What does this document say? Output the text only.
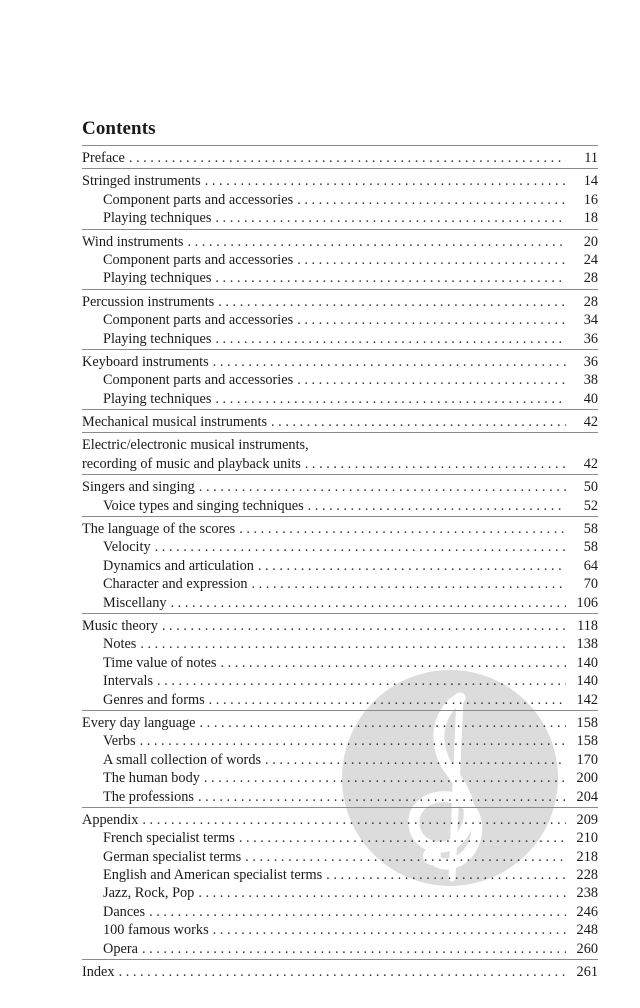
Contents
Preface . . .	11
Stringed instruments . . .	14
Component parts and accessories . . .	16
Playing techniques . . .	18
Wind instruments . . .	20
Component parts and accessories . . .	24
Playing techniques . . .	28
Percussion instruments . . .	28
Component parts and accessories . . .	34
Playing techniques . . .	36
Keyboard instruments . . .	36
Component parts and accessories . . .	38
Playing techniques . . .	40
Mechanical musical instruments . . .	42
Electric/electronic musical instruments,
recording of music and playback units . . .	42
Singers and singing . . .	50
Voice types and singing techniques . . .	52
The language of the scores . . .	58
Velocity . . .	58
Dynamics and articulation . . .	64
Character and expression . . .	70
Miscellany . . .	106
Music theory . . .	118
Notes . . .	138
Time value of notes . . .	140
Intervals . . .	140
Genres and forms . . .	142
Every day language . . .	158
Verbs . . .	158
A small collection of words . . .	170
The human body . . .	200
The professions . . .	204
Appendix . . .	209
French specialist terms . . .	210
German specialist terms . . .	218
English and American specialist terms . . .	228
Jazz, Rock, Pop . . .	238
Dances . . .	246
100 famous works . . .	248
Opera . . .	260
Index . . .	261
